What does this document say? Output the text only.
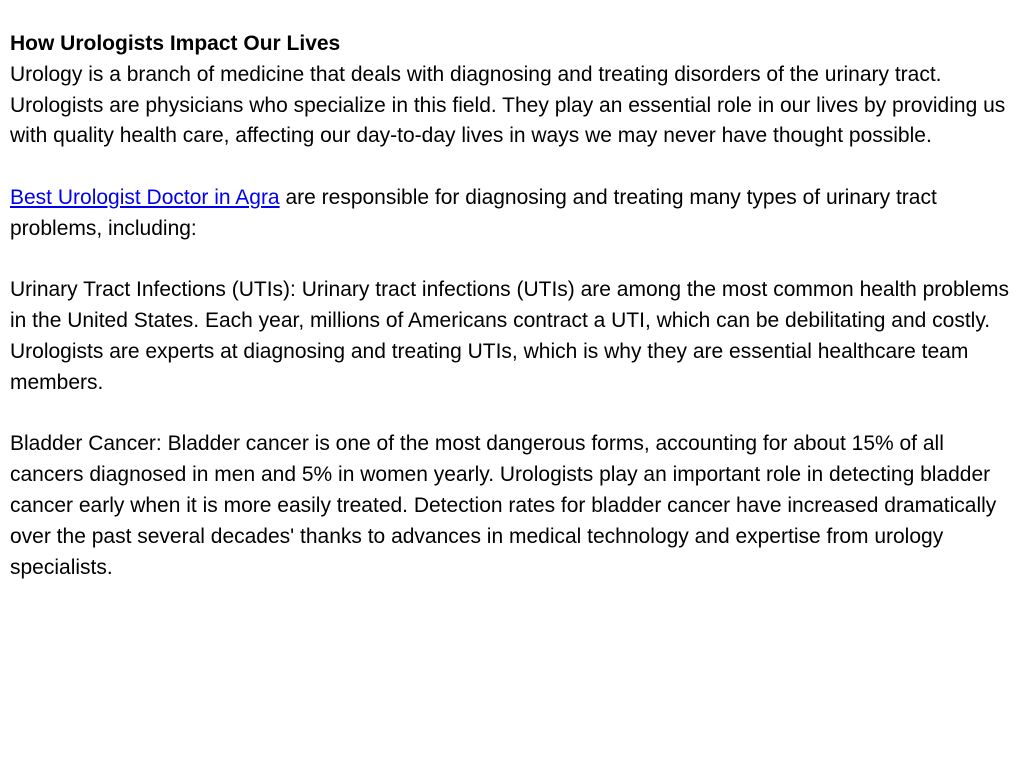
How Urologists Impact Our Lives

Urology is a branch of medicine that deals with diagnosing and treating disorders of the urinary tract. Urologists are physicians who specialize in this field. They play an essential role in our lives by providing us with quality health care, affecting our day-to-day lives in ways we may never have thought possible.

Best Urologist Doctor in Agra are responsible for diagnosing and treating many types of urinary tract problems, including:

Urinary Tract Infections (UTIs): Urinary tract infections (UTIs) are among the most common health problems in the United States. Each year, millions of Americans contract a UTI, which can be debilitating and costly. Urologists are experts at diagnosing and treating UTIs, which is why they are essential healthcare team members.

Bladder Cancer: Bladder cancer is one of the most dangerous forms, accounting for about 15% of all cancers diagnosed in men and 5% in women yearly. Urologists play an important role in detecting bladder cancer early when it is more easily treated. Detection rates for bladder cancer have increased dramatically over the past several decades' thanks to advances in medical technology and expertise from urology specialists.
